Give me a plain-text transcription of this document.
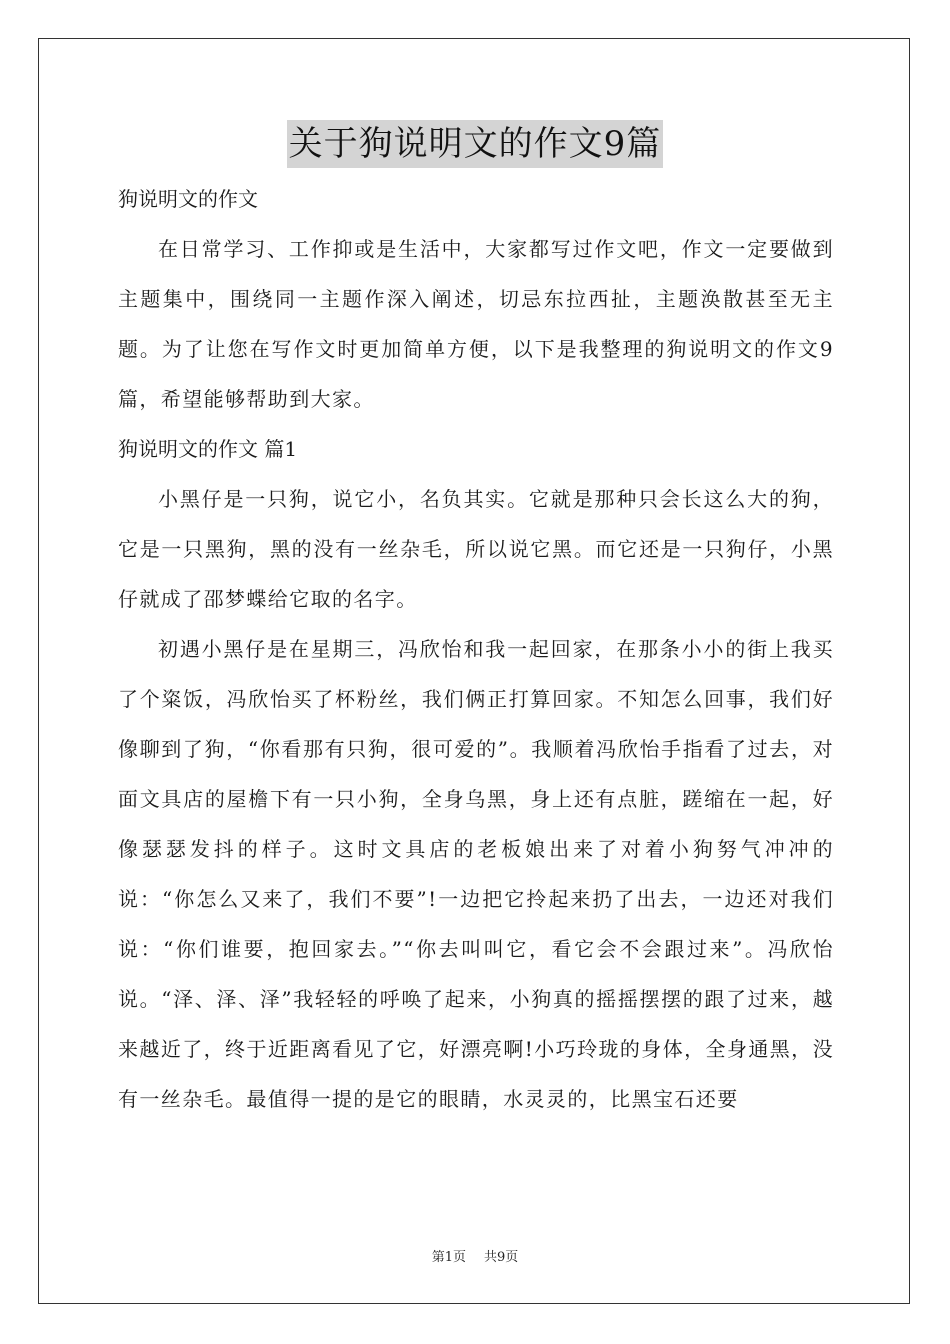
关于狗说明文的作文9篇

狗说明文的作文

在日常学习、工作抑或是生活中，大家都写过作文吧，作文一定要做到主题集中，围绕同一主题作深入阐述，切忌东拉西扯，主题涣散甚至无主题。为了让您在写作文时更加简单方便，以下是我整理的狗说明文的作文9篇，希望能够帮助到大家。

狗说明文的作文 篇1

小黑仔是一只狗，说它小，名负其实。它就是那种只会长这么大的狗，它是一只黑狗，黑的没有一丝杂毛，所以说它黑。而它还是一只狗仔，小黑仔就成了邵梦蝶给它取的名字。

初遇小黑仔是在星期三，冯欣怡和我一起回家，在那条小小的街上我买了个粢饭，冯欣怡买了杯粉丝，我们俩正打算回家。不知怎么回事，我们好像聊到了狗，“你看那有只狗，很可爱的”。我顺着冯欣怡手指看了过去，对面文具店的屋檐下有一只小狗，全身乌黑，身上还有点脏，蹉缩在一起，好像瑟瑟发抖的样子。这时文具店的老板娘出来了对着小狗努气冲冲的说：“你怎么又来了，我们不要”!一边把它拎起来扔了出去，一边还对我们说：“你们谁要，抱回家去。”“你去叫叫它，看它会不会跟过来”。冯欣怡说。“泽、泽、泽”我轻轻的呼唤了起来，小狗真的摇摇摆摆的跟了过来，越来越近了，终于近距离看见了它，好漂亮啊!小巧玲珑的身体，全身通黑，没有一丝杂毛。最值得一提的是它的眼睛，水灵灵的，比黑宝石还要

第1页 共9页
